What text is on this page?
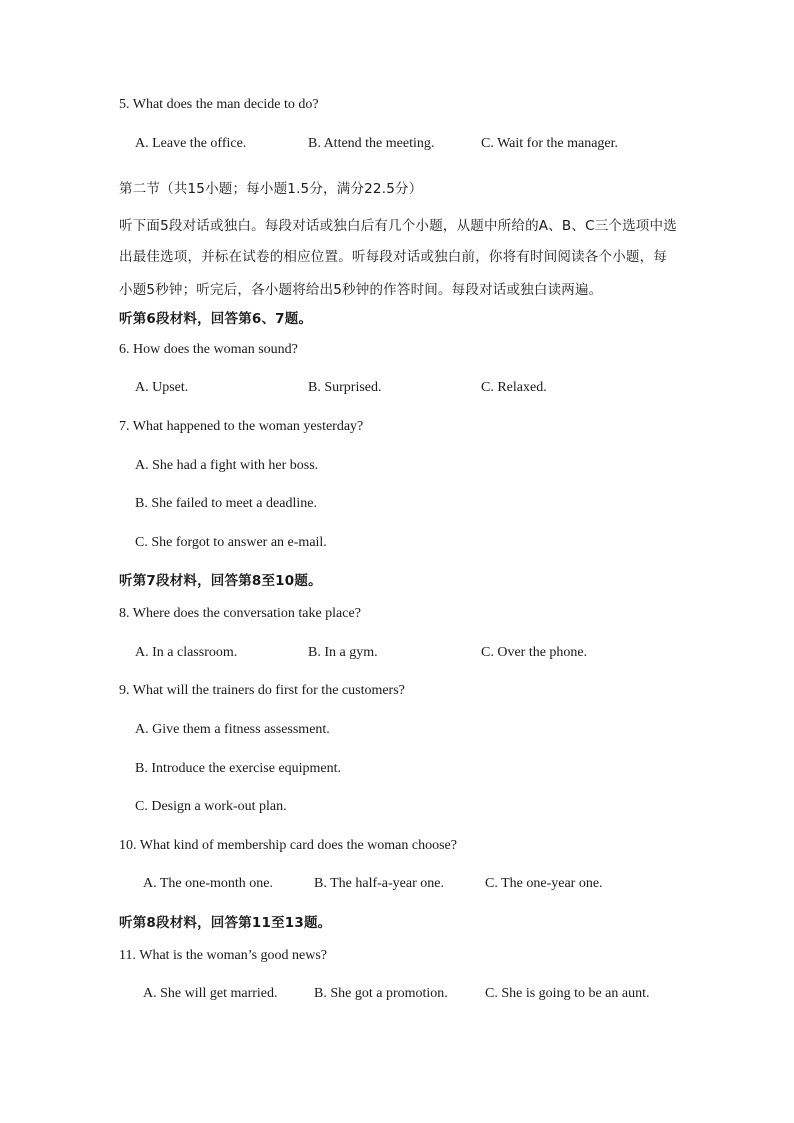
5. What does the man decide to do?
A. Leave the office.	B. Attend the meeting.	C. Wait for the manager.
第二节（共15小题；每小题1.5分，满分22.5分）
听下面5段对话或独白。每段对话或独白后有几个小题，从题中所给的A、B、C三个选项中选
出最佳选项，并标在试卷的相应位置。听每段对话或独白前，你将有时间阅读各个小题，每
小题5秒钟；听完后，各小题将给出5秒钟的作答时间。每段对话或独白读两遍。
听第6段材料，回答第6、7题。
6. How does the woman sound?
A. Upset.	B. Surprised.	C. Relaxed.
7. What happened to the woman yesterday?
A. She had a fight with her boss.
B. She failed to meet a deadline.
C. She forgot to answer an e-mail.
听第7段材料，回答第8至10题。
8. Where does the conversation take place?
A. In a classroom.	B. In a gym.	C. Over the phone.
9. What will the trainers do first for the customers?
A. Give them a fitness assessment.
B. Introduce the exercise equipment.
C. Design a work-out plan.
10. What kind of membership card does the woman choose?
A. The one-month one.	B. The half-a-year one.	C. The one-year one.
听第8段材料，回答第11至13题。
11. What is the woman’s good news?
A. She will get married.	B. She got a promotion.	C. She is going to be an aunt.
